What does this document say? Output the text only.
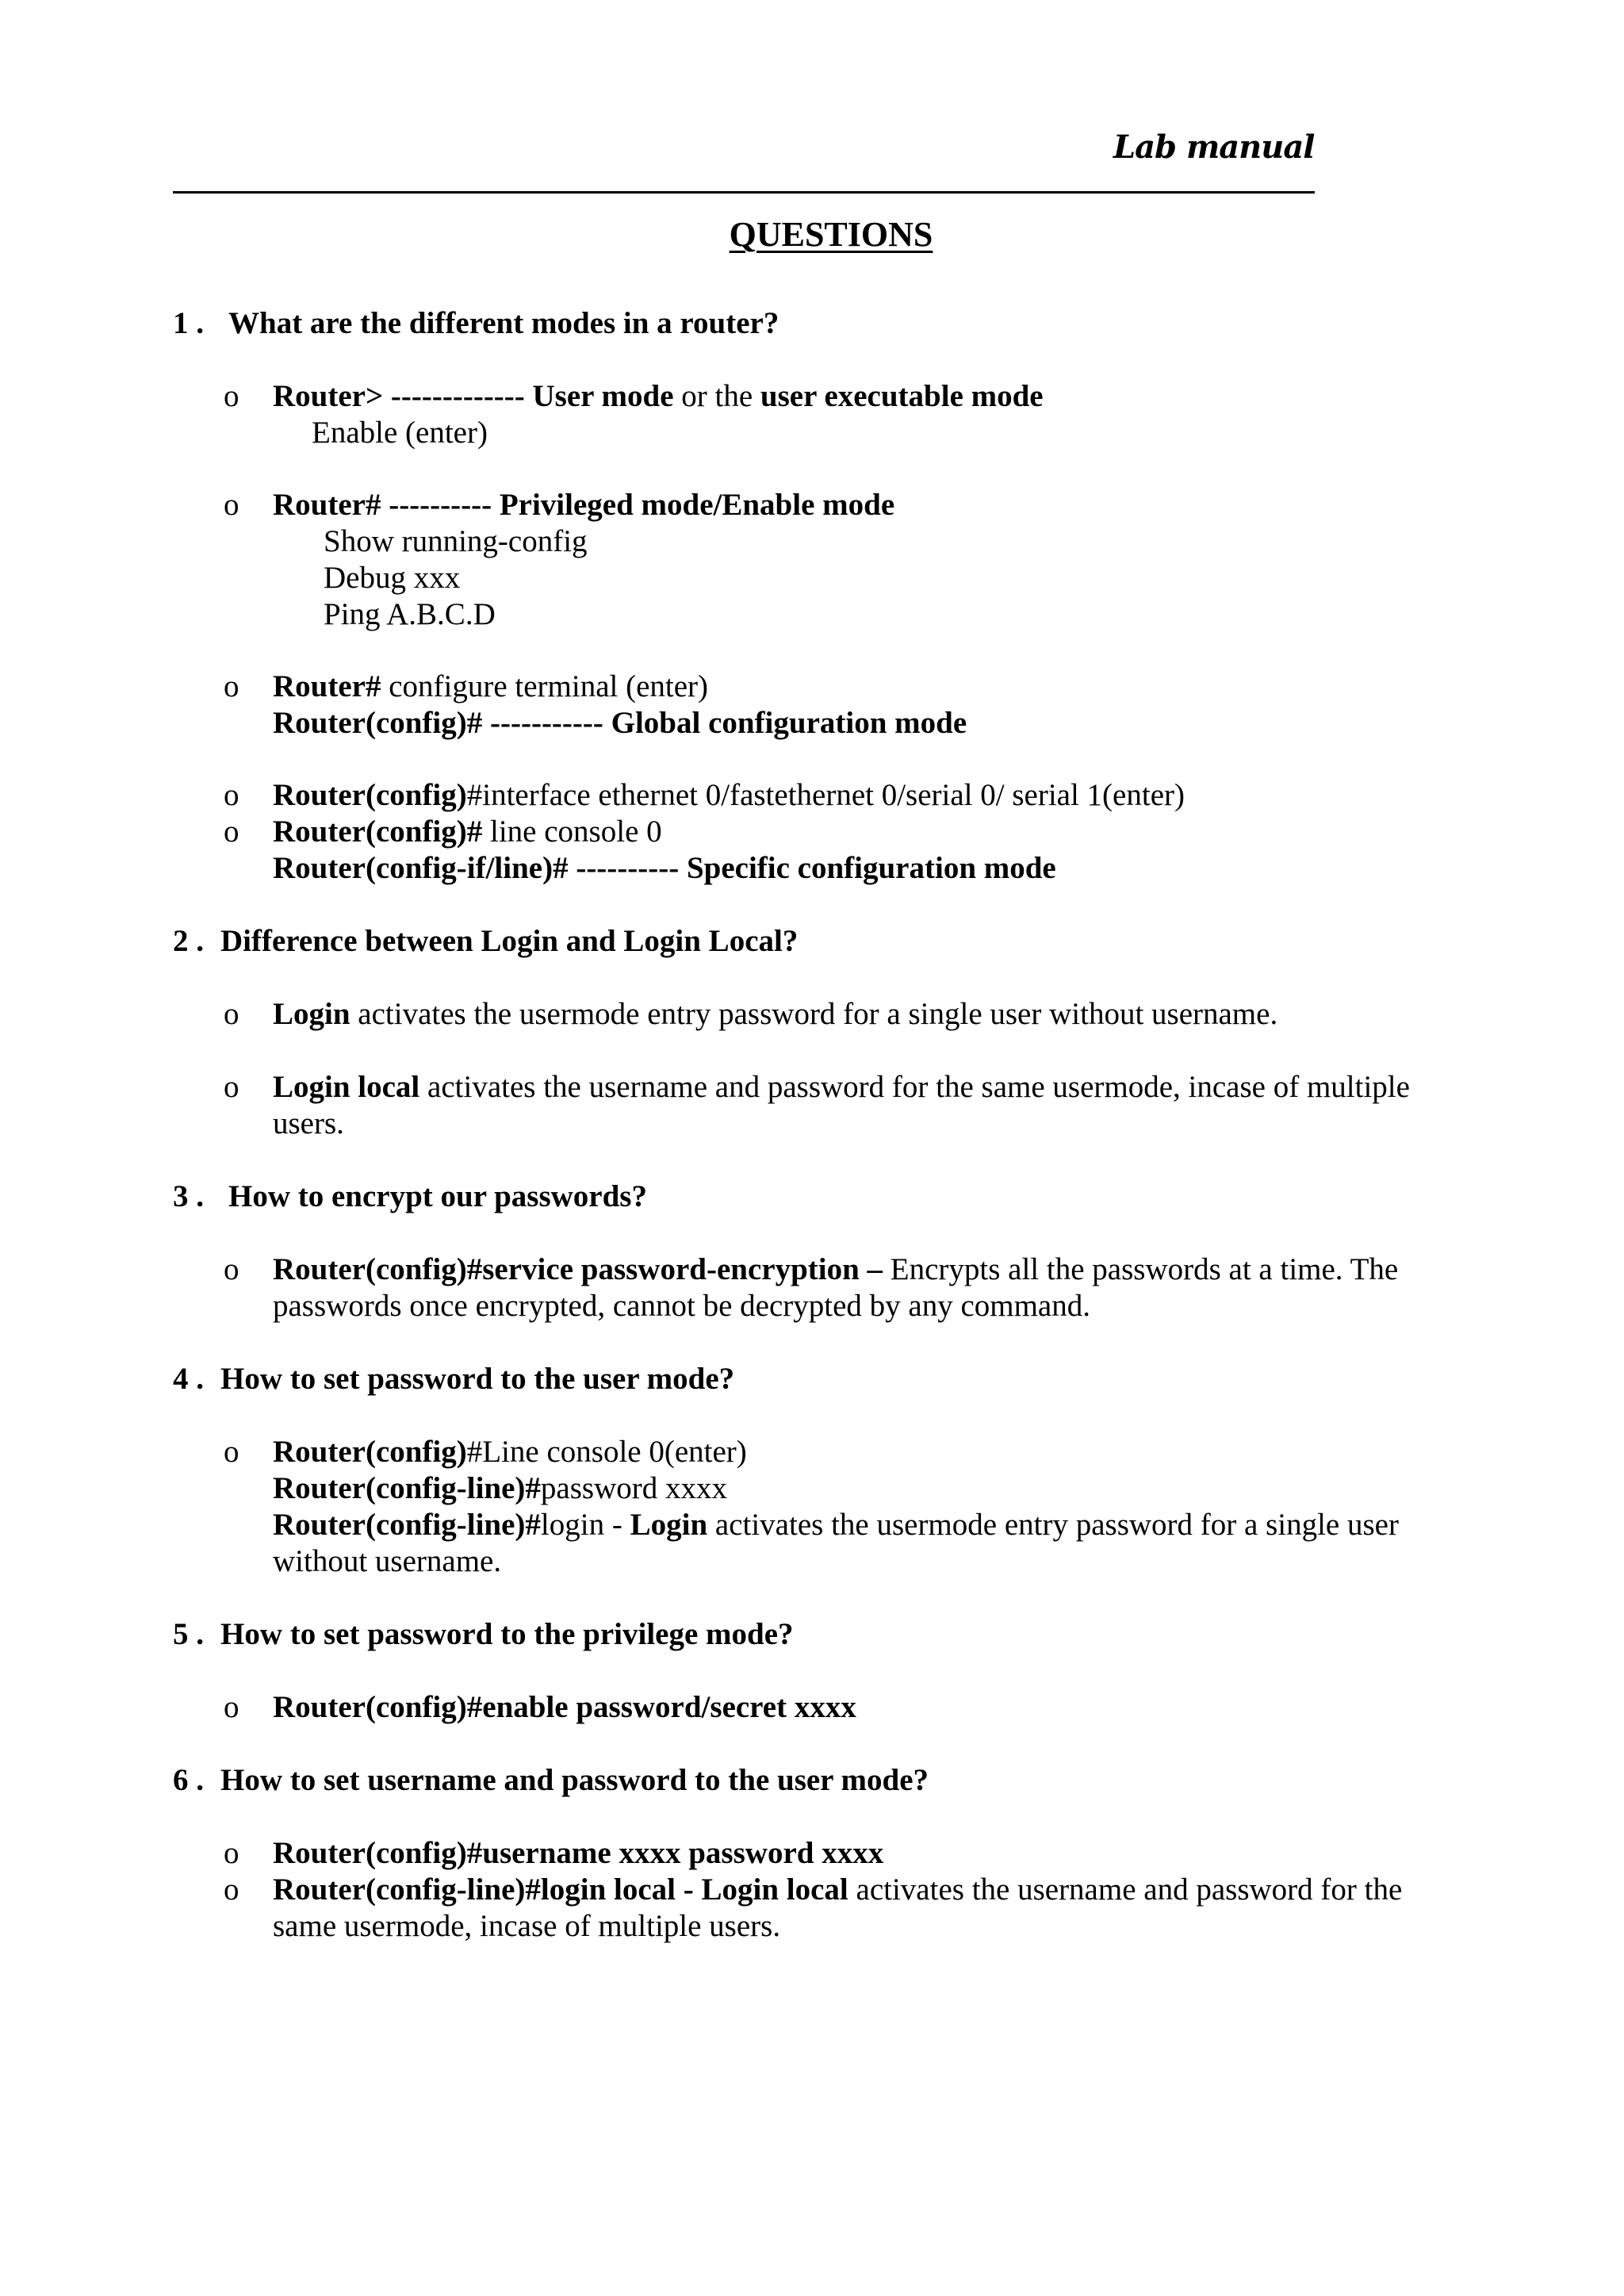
Lab manual
QUESTIONS
1 . What are the different modes in a router?
o Router> ------------- User mode or the user executable mode
Enable (enter)
o Router# ---------- Privileged mode/Enable mode
Show running-config
Debug xxx
Ping A.B.C.D
o Router# configure terminal (enter)
Router(config)# ----------- Global configuration mode
o Router(config)#interface ethernet 0/fastethernet 0/serial 0/ serial 1(enter)
o Router(config)# line console 0
Router(config-if/line)# ---------- Specific configuration mode
2 . Difference between Login and Login Local?
o Login activates the usermode entry password for a single user without username.
o Login local activates the username and password for the same usermode, incase of multiple
users.
3 . How to encrypt our passwords?
o Router(config)#service password-encryption – Encrypts all the passwords at a time. The
passwords once encrypted, cannot be decrypted by any command.
4 . How to set password to the user mode?
o Router(config)#Line console 0(enter)
Router(config-line)#password xxxx
Router(config-line)#login - Login activates the usermode entry password for a single user
without username.
5 . How to set password to the privilege mode?
o Router(config)#enable password/secret xxxx
6 . How to set username and password to the user mode?
o Router(config)#username xxxx password xxxx
o Router(config-line)#login local - Login local activates the username and password for the
same usermode, incase of multiple users.
